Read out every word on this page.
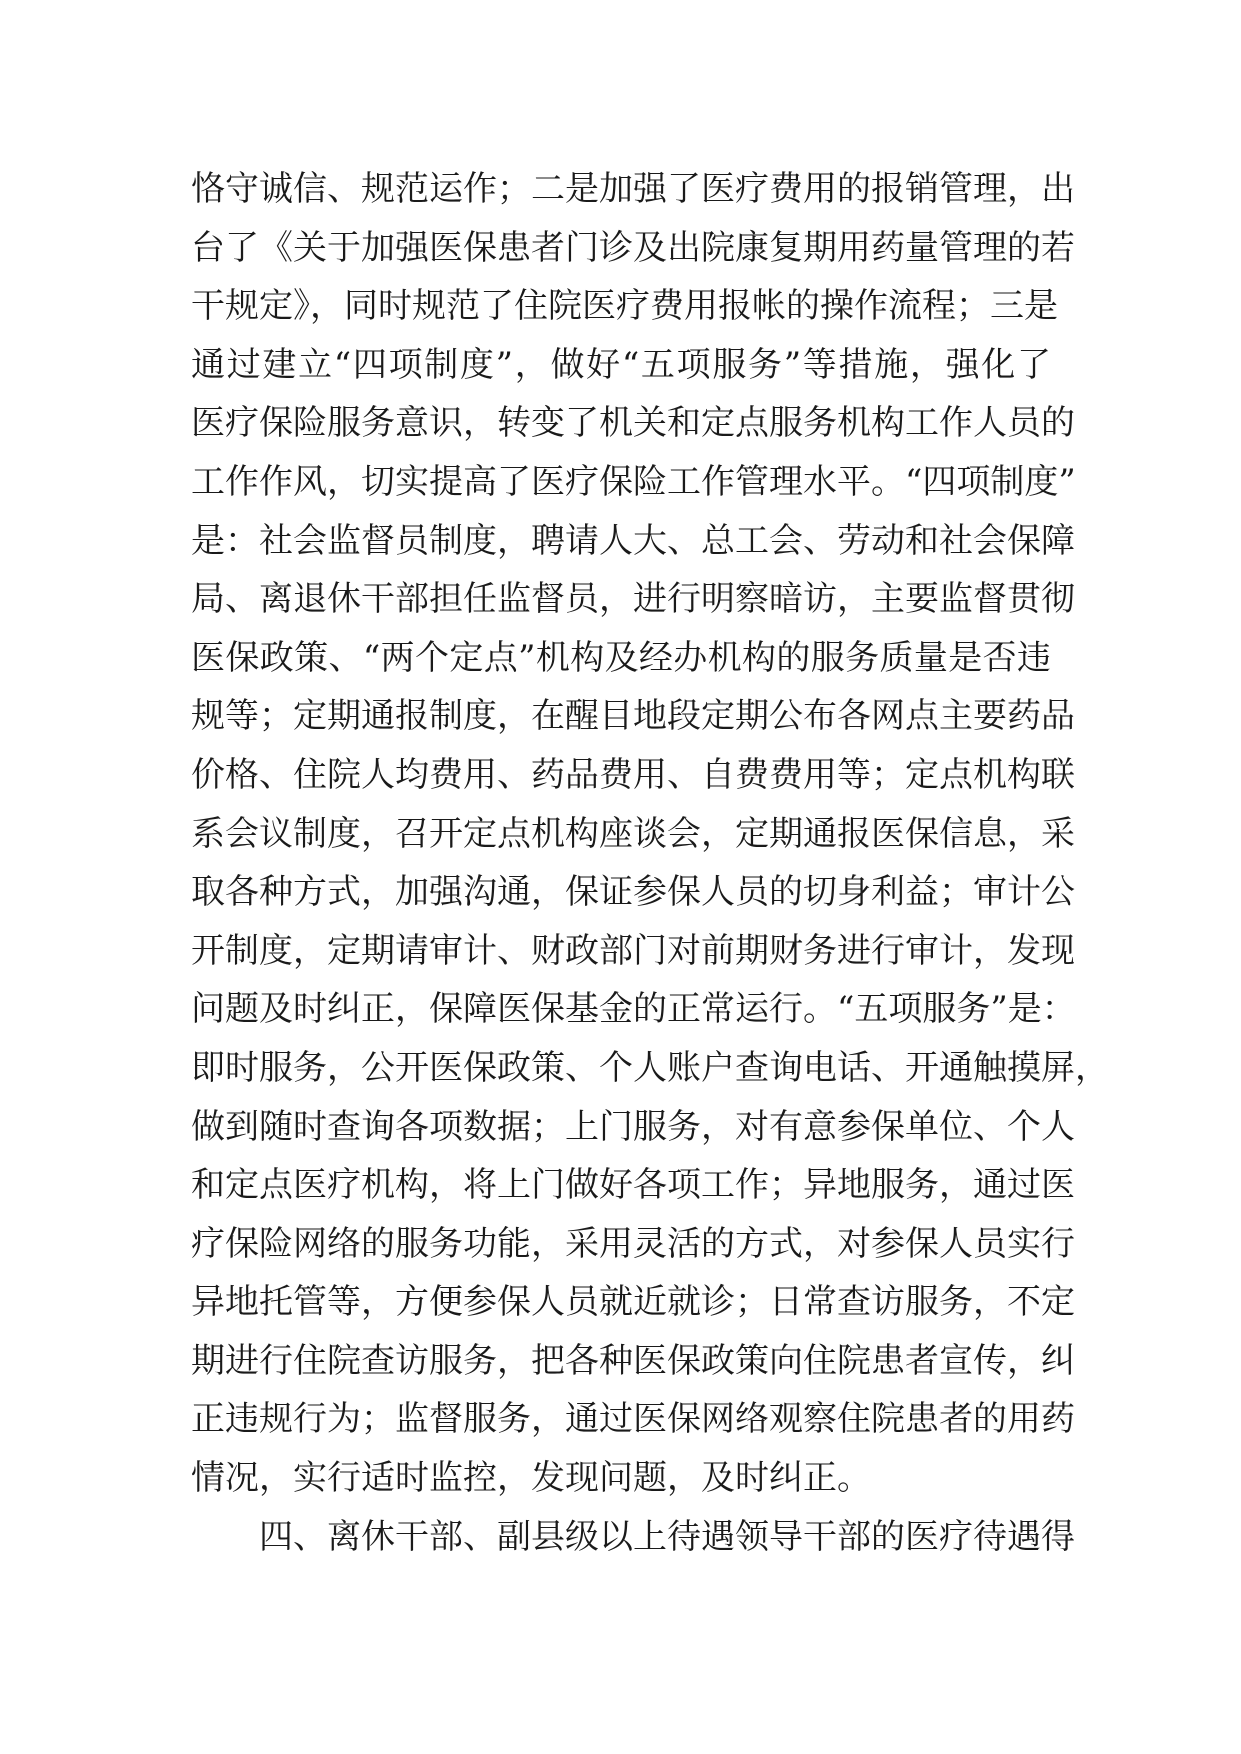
恪守诚信、规范运作；二是加强了医疗费用的报销管理，出
台了《关于加强医保患者门诊及出院康复期用药量管理的若
干规定》，同时规范了住院医疗费用报帐的操作流程；三是
通过建立“四项制度”，做好“五项服务”等措施，强化了
医疗保险服务意识，转变了机关和定点服务机构工作人员的
工作作风，切实提高了医疗保险工作管理水平。“四项制度”
是：社会监督员制度，聘请人大、总工会、劳动和社会保障
局、离退休干部担任监督员，进行明察暗访，主要监督贯彻
医保政策、“两个定点”机构及经办机构的服务质量是否违
规等；定期通报制度，在醒目地段定期公布各网点主要药品
价格、住院人均费用、药品费用、自费费用等；定点机构联
系会议制度，召开定点机构座谈会，定期通报医保信息，采
取各种方式，加强沟通，保证参保人员的切身利益；审计公
开制度，定期请审计、财政部门对前期财务进行审计，发现
问题及时纠正，保障医保基金的正常运行。“五项服务”是：
即时服务，公开医保政策、个人账户查询电话、开通触摸屏，
做到随时查询各项数据；上门服务，对有意参保单位、个人
和定点医疗机构，将上门做好各项工作；异地服务，通过医
疗保险网络的服务功能，采用灵活的方式，对参保人员实行
异地托管等，方便参保人员就近就诊；日常查访服务，不定
期进行住院查访服务，把各种医保政策向住院患者宣传，纠
正违规行为；监督服务，通过医保网络观察住院患者的用药
情况，实行适时监控，发现问题，及时纠正。
四、离休干部、副县级以上待遇领导干部的医疗待遇得
